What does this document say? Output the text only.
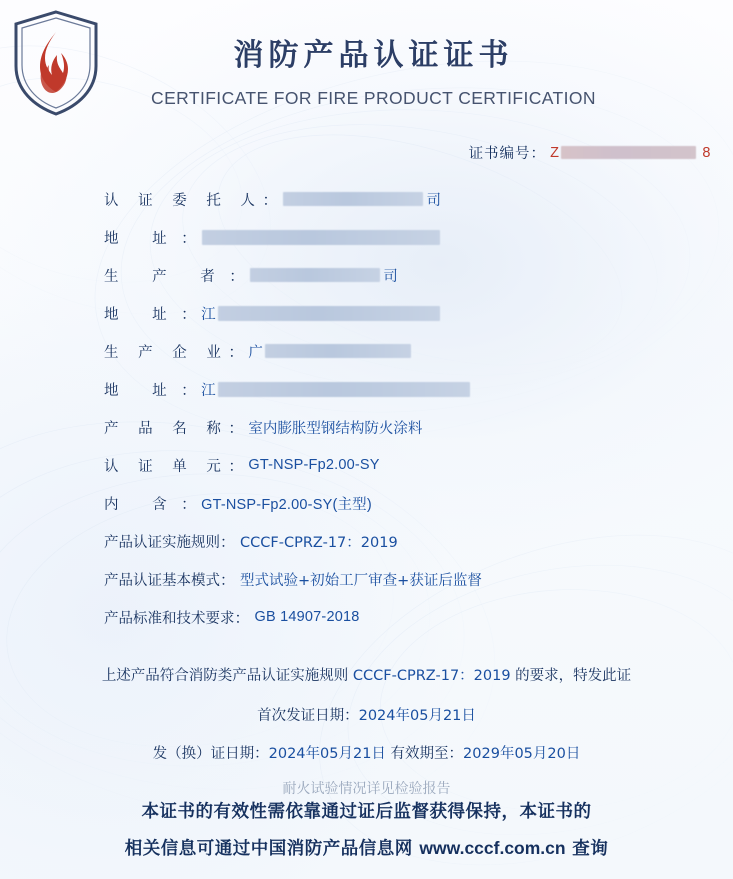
消防产品认证证书
CERTIFICATE FOR FIRE PRODUCT CERTIFICATION
证书编号： Z	8
认 证 委 托 人 ：	司
地 址 ：
生 产 者 ：	司
地 址 ： 江
生 产 企 业 ： 广
地 址 ： 江
产 品 名 称 ： 室内膨胀型钢结构防火涂料
认 证 单 元 ： GT-NSP-Fp2.00-SY
内 含 ： GT-NSP-Fp2.00-SY(主型)
产品认证实施规则 ： CCCF-CPRZ-17：2019
产品认证基本模式 ： 型式试验+初始工厂审查+获证后监督
产品标准和技术要求 ： GB 14907-2018
上述产品符合消防类产品认证实施规则 CCCF-CPRZ-17：2019 的要求，特发此证
首次发证日期：2024年05月21日
发（换）证日期：2024年05月21日 有效期至：2029年05月20日
耐火试验情况详见检验报告
本证书的有效性需依靠通过证后监督获得保持，本证书的
相关信息可通过中国消防产品信息网 www.cccf.com.cn 查询
